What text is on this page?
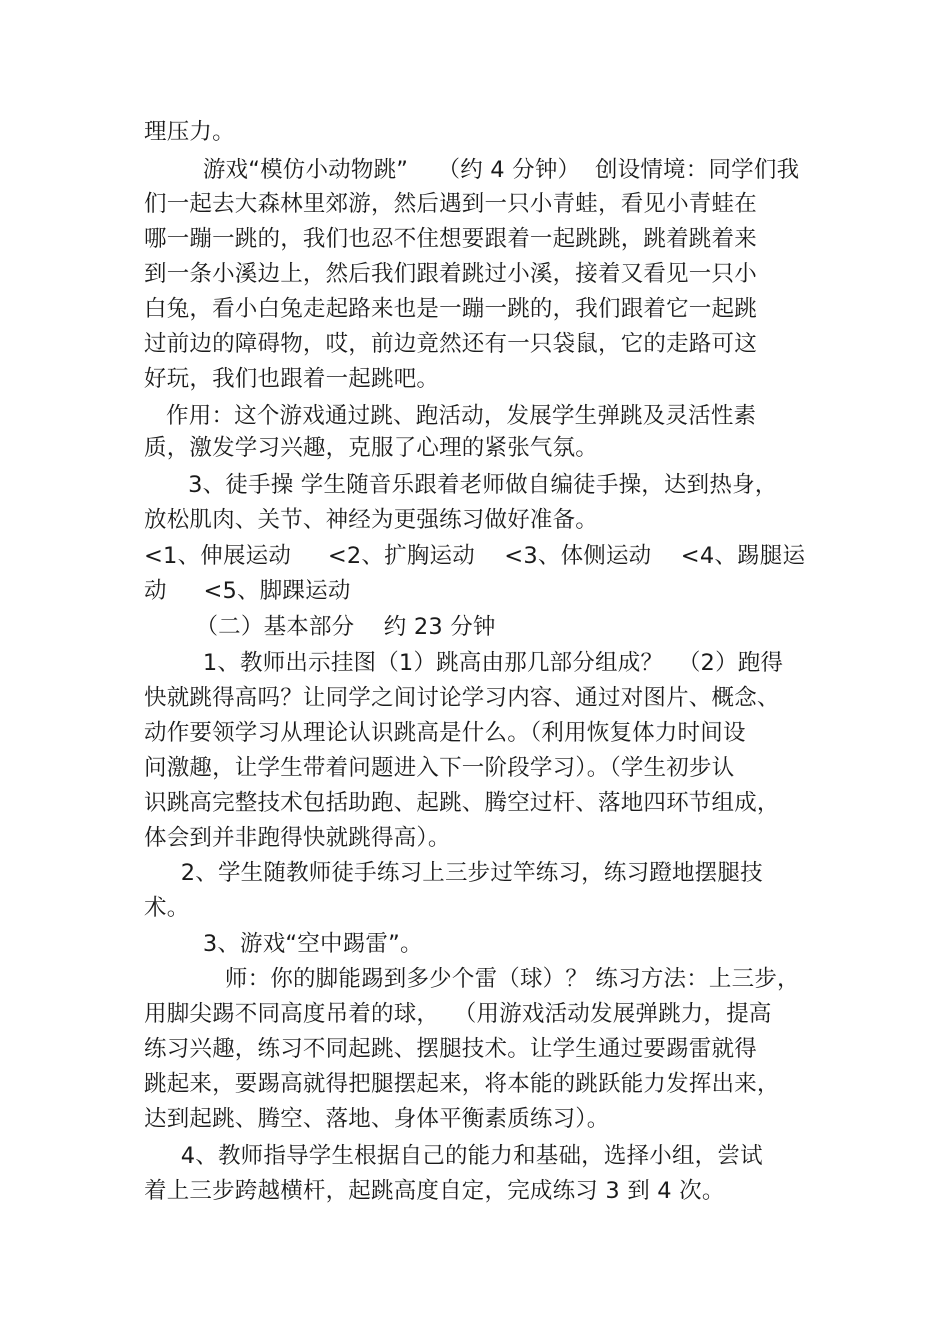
理压力。
游戏“模仿小动物跳”    （约 4 分钟）  创设情境：同学们我
们一起去大森林里郊游，然后遇到一只小青蛙，看见小青蛙在
哪一蹦一跳的，我们也忍不住想要跟着一起跳跳，跳着跳着来
到一条小溪边上，然后我们跟着跳过小溪，接着又看见一只小
白兔，看小白兔走起路来也是一蹦一跳的，我们跟着它一起跳
过前边的障碍物，哎，前边竟然还有一只袋鼠，它的走路可这
好玩，我们也跟着一起跳吧。
作用：这个游戏通过跳、跑活动，发展学生弹跳及灵活性素
质，激发学习兴趣，克服了心理的紧张气氛。
3、徒手操 学生随音乐跟着老师做自编徒手操，达到热身，
放松肌肉、关节、神经为更强练习做好准备。
<1、伸展运动     <2、扩胸运动    <3、体侧运动    <4、踢腿运
动     <5、脚踝运动
（二）基本部分    约 23 分钟
1、教师出示挂图（1）跳高由那几部分组成？  （2）跑得
快就跳得高吗？让同学之间讨论学习内容、通过对图片、概念、
动作要领学习从理论认识跳高是什么。（利用恢复体力时间设
问激趣，让学生带着问题进入下一阶段学习）。（学生初步认
识跳高完整技术包括助跑、起跳、腾空过杆、落地四环节组成，
体会到并非跑得快就跳得高）。
2、学生随教师徒手练习上三步过竿练习，练习蹬地摆腿技
术。
3、游戏“空中踢雷”。
师：你的脚能踢到多少个雷（球）？ 练习方法：上三步，
用脚尖踢不同高度吊着的球，  （用游戏活动发展弹跳力，提高
练习兴趣，练习不同起跳、摆腿技术。让学生通过要踢雷就得
跳起来，要踢高就得把腿摆起来，将本能的跳跃能力发挥出来，
达到起跳、腾空、落地、身体平衡素质练习）。
4、教师指导学生根据自己的能力和基础，选择小组，尝试
着上三步跨越横杆，起跳高度自定，完成练习 3 到 4 次。
